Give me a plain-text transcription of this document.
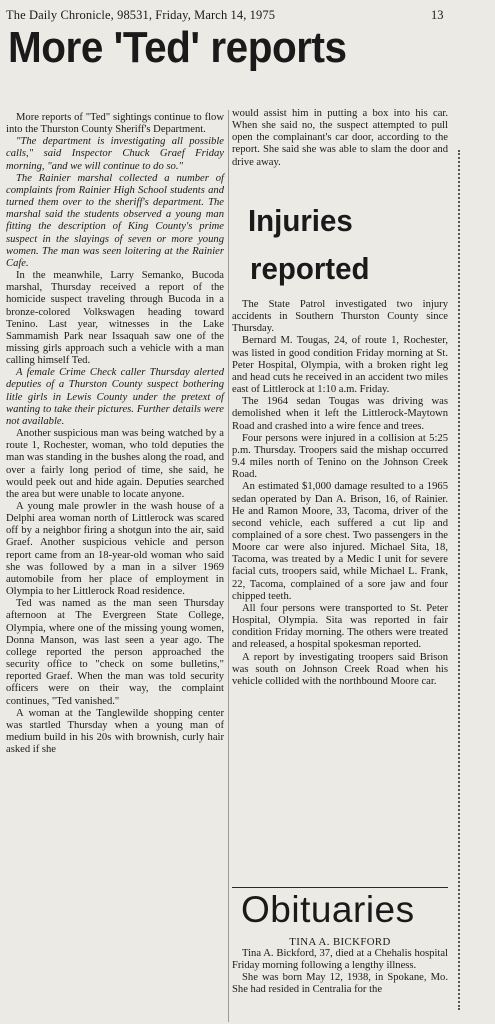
The Daily Chronicle, 98531, Friday, March 14, 1975	13
More 'Ted' reports

More reports of "Ted" sightings continue to flow into the Thurston County Sheriff's Department.

"The department is investigating all possible calls," said Inspector Chuck Graef Friday morning, "and we will continue to do so."

The Rainier marshal collected a number of complaints from Rainier High School students and turned them over to the sheriff's department. The marshal said the students observed a young man fitting the description of King County's prime suspect in the slayings of seven or more young women. The man was seen loitering at the Rainier Cafe.

In the meanwhile, Larry Semanko, Bucoda marshal, Thursday received a report of the homicide suspect traveling through Bucoda in a bronze-colored Volkswagen heading toward Tenino. Last year, witnesses in the Lake Sammamish Park near Issaquah saw one of the missing girls approach such a vehicle with a man calling himself Ted.

A female Crime Check caller Thursday alerted deputies of a Thurston County suspect bothering litle girls in Lewis County under the pretext of wanting to take their pictures. Further details were not available.

Another suspicious man was being watched by a route 1, Rochester, woman, who told deputies the man was standing in the bushes along the road, and over a fairly long period of time, she said, he would peek out and hide again. Deputies searched the area but were unable to locate anyone.

A young male prowler in the wash house of a Delphi area woman north of Littlerock was scared off by a neighbor firing a shotgun into the air, said Graef. Another suspicious vehicle and person report came from an 18-year-old woman who said she was followed by a man in a silver 1969 automobile from her place of employment in Olympia to her Littlerock Road residence.

Ted was named as the man seen Thursday afternoon at The Evergreen State College, Olympia, where one of the missing young women, Donna Manson, was last seen a year ago. The college reported the person approached the security office to "check on some bulletins," reported Graef. When the man was told security officers were on their way, the complaint continues, "Ted vanished."

A woman at the Tanglewilde shopping center was startled Thursday when a young man of medium build in his 20s with brownish, curly hair asked if she

would assist him in putting a box into his car. When she said no, the suspect attempted to pull open the complainant's car door, according to the report. She said she was able to slam the door and drive away.

Injuries
reported

The State Patrol investigated two injury accidents in Southern Thurston County since Thursday.

Bernard M. Tougas, 24, of route 1, Rochester, was listed in good condition Friday morning at St. Peter Hospital, Olympia, with a broken right leg and head cuts he received in an accident two miles east of Littlerock at 1:10 a.m. Friday.

The 1964 sedan Tougas was driving was demolished when it left the Littlerock-Maytown Road and crashed into a wire fence and trees.

Four persons were injured in a collision at 5:25 p.m. Thursday. Troopers said the mishap occurred 9.4 miles north of Tenino on the Johnson Creek Road.

An estimated $1,000 damage resulted to a 1965 sedan operated by Dan A. Brison, 16, of Rainier. He and Ramon Moore, 33, Tacoma, driver of the second vehicle, each suffered a cut lip and complained of a sore chest. Two passengers in the Moore car were also injured. Michael Sita, 18, Tacoma, was treated by a Medic I unit for severe facial cuts, troopers said, while Michael L. Frank, 22, Tacoma, complained of a sore jaw and four chipped teeth.

All four persons were transported to St. Peter Hospital, Olympia. Sita was reported in fair condition Friday morning. The others were treated and released, a hospital spokesman reported.

A report by investigating troopers said Brison was south on Johnson Creek Road when his vehicle collided with the northbound Moore car.

Obituaries
TINA A. BICKFORD

Tina A. Bickford, 37, died at a Chehalis hospital Friday morning following a lengthy illness.

She was born May 12, 1938, in Spokane, Mo. She had resided in Centralia for the
